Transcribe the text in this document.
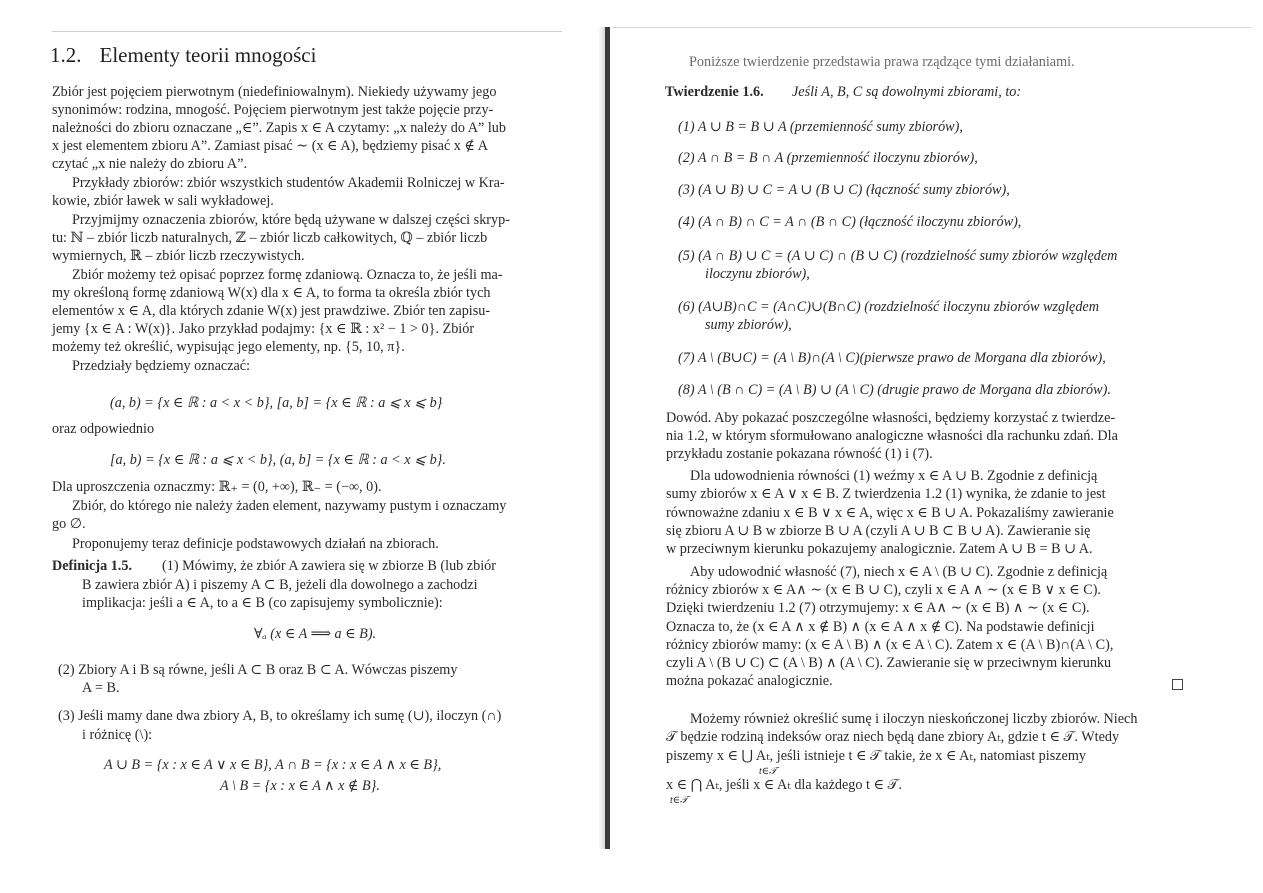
1.2. Elementy teorii mnogości
Zbiór jest pojęciem pierwotnym (niedefiniowalnym). Niekiedy używamy jego
synonimów: rodzina, mnogość. Pojęciem pierwotnym jest także pojęcie przy-
należności do zbioru oznaczane „∈”. Zapis x ∈ A czytamy: „x należy do A” lub
x jest elementem zbioru A”. Zamiast pisać ∼ (x ∈ A), będziemy pisać x ∉ A
czytać „x nie należy do zbioru A”.
Przykłady zbiorów: zbiór wszystkich studentów Akademii Rolniczej w Kra-
kowie, zbiór ławek w sali wykładowej.
Przyjmijmy oznaczenia zbiorów, które będą używane w dalszej części skryp-
tu: ℕ – zbiór liczb naturalnych, ℤ – zbiór liczb całkowitych, ℚ – zbiór liczb
wymiernych, ℝ – zbiór liczb rzeczywistych.
Zbiór możemy też opisać poprzez formę zdaniową. Oznacza to, że jeśli ma-
my określoną formę zdaniową W(x) dla x ∈ A, to forma ta określa zbiór tych
elementów x ∈ A, dla których zdanie W(x) jest prawdziwe. Zbiór ten zapisu-
jemy {x ∈ A : W(x)}. Jako przykład podajmy: {x ∈ ℝ : x² − 1 > 0}. Zbiór
możemy też określić, wypisując jego elementy, np. {5, 10, π}.
Przedziały będziemy oznaczać:
(a, b) = {x ∈ ℝ : a < x < b}, [a, b] = {x ∈ ℝ : a ⩽ x ⩽ b}
oraz odpowiednio
[a, b) = {x ∈ ℝ : a ⩽ x < b}, (a, b] = {x ∈ ℝ : a < x ⩽ b}.
Dla uproszczenia oznaczmy: ℝ₊ = (0, +∞), ℝ₋ = (−∞, 0).
Zbiór, do którego nie należy żaden element, nazywamy pustym i oznaczamy
go ∅.
Proponujemy teraz definicje podstawowych działań na zbiorach.
Definicja 1.5. (1) Mówimy, że zbiór A zawiera się w zbiorze B (lub zbiór
B zawiera zbiór A) i piszemy A ⊂ B, jeżeli dla dowolnego a zachodzi
implikacja: jeśli a ∈ A, to a ∈ B (co zapisujemy symbolicznie):
∀ₐ (x ∈ A ⟹ a ∈ B).
(2) Zbiory A i B są równe, jeśli A ⊂ B oraz B ⊂ A. Wówczas piszemy
A = B.
(3) Jeśli mamy dane dwa zbiory A, B, to określamy ich sumę (∪), iloczyn (∩)
i różnicę (\):
A ∪ B = {x : x ∈ A ∨ x ∈ B}, A ∩ B = {x : x ∈ A ∧ x ∈ B},
A \ B = {x : x ∈ A ∧ x ∉ B}.
Poniższe twierdzenie przedstawia prawa rządzące tymi działaniami.
Twierdzenie 1.6. Jeśli A, B, C są dowolnymi zbiorami, to:
(1) A ∪ B = B ∪ A (przemienność sumy zbiorów),
(2) A ∩ B = B ∩ A (przemienność iloczynu zbiorów),
(3) (A ∪ B) ∪ C = A ∪ (B ∪ C) (łączność sumy zbiorów),
(4) (A ∩ B) ∩ C = A ∩ (B ∩ C) (łączność iloczynu zbiorów),
(5) (A ∩ B) ∪ C = (A ∪ C) ∩ (B ∪ C) (rozdzielność sumy zbiorów względem
iloczynu zbiorów),
(6) (A∪B)∩C = (A∩C)∪(B∩C) (rozdzielność iloczynu zbiorów względem
sumy zbiorów),
(7) A \ (B∪C) = (A \ B)∩(A \ C)(pierwsze prawo de Morgana dla zbiorów),
(8) A \ (B ∩ C) = (A \ B) ∪ (A \ C) (drugie prawo de Morgana dla zbiorów).
Dowód. Aby pokazać poszczególne własności, będziemy korzystać z twierdze-
nia 1.2, w którym sformułowano analogiczne własności dla rachunku zdań. Dla
przykładu zostanie pokazana równość (1) i (7).
Dla udowodnienia równości (1) weźmy x ∈ A ∪ B. Zgodnie z definicją
sumy zbiorów x ∈ A ∨ x ∈ B. Z twierdzenia 1.2 (1) wynika, że zdanie to jest
równoważne zdaniu x ∈ B ∨ x ∈ A, więc x ∈ B ∪ A. Pokazaliśmy zawieranie
się zbioru A ∪ B w zbiorze B ∪ A (czyli A ∪ B ⊂ B ∪ A). Zawieranie się
w przeciwnym kierunku pokazujemy analogicznie. Zatem A ∪ B = B ∪ A.
Aby udowodnić własność (7), niech x ∈ A \ (B ∪ C). Zgodnie z definicją
różnicy zbiorów x ∈ A∧ ∼ (x ∈ B ∪ C), czyli x ∈ A ∧ ∼ (x ∈ B ∨ x ∈ C).
Dzięki twierdzeniu 1.2 (7) otrzymujemy: x ∈ A∧ ∼ (x ∈ B) ∧ ∼ (x ∈ C).
Oznacza to, że (x ∈ A ∧ x ∉ B) ∧ (x ∈ A ∧ x ∉ C). Na podstawie definicji
różnicy zbiorów mamy: (x ∈ A \ B) ∧ (x ∈ A \ C). Zatem x ∈ (A \ B)∩(A \ C),
czyli A \ (B ∪ C) ⊂ (A \ B) ∧ (A \ C). Zawieranie się w przeciwnym kierunku
można pokazać analogicznie.
Możemy również określić sumę i iloczyn nieskończonej liczby zbiorów. Niech
𝒯 będzie rodziną indeksów oraz niech będą dane zbiory Aₜ, gdzie t ∈ 𝒯. Wtedy
piszemy x ∈ ⋃ Aₜ, jeśli istnieje t ∈ 𝒯 takie, że x ∈ Aₜ, natomiast piszemy
t∈𝒯
x ∈ ⋂ Aₜ, jeśli x ∈ Aₜ dla każdego t ∈ 𝒯.
t∈𝒯
